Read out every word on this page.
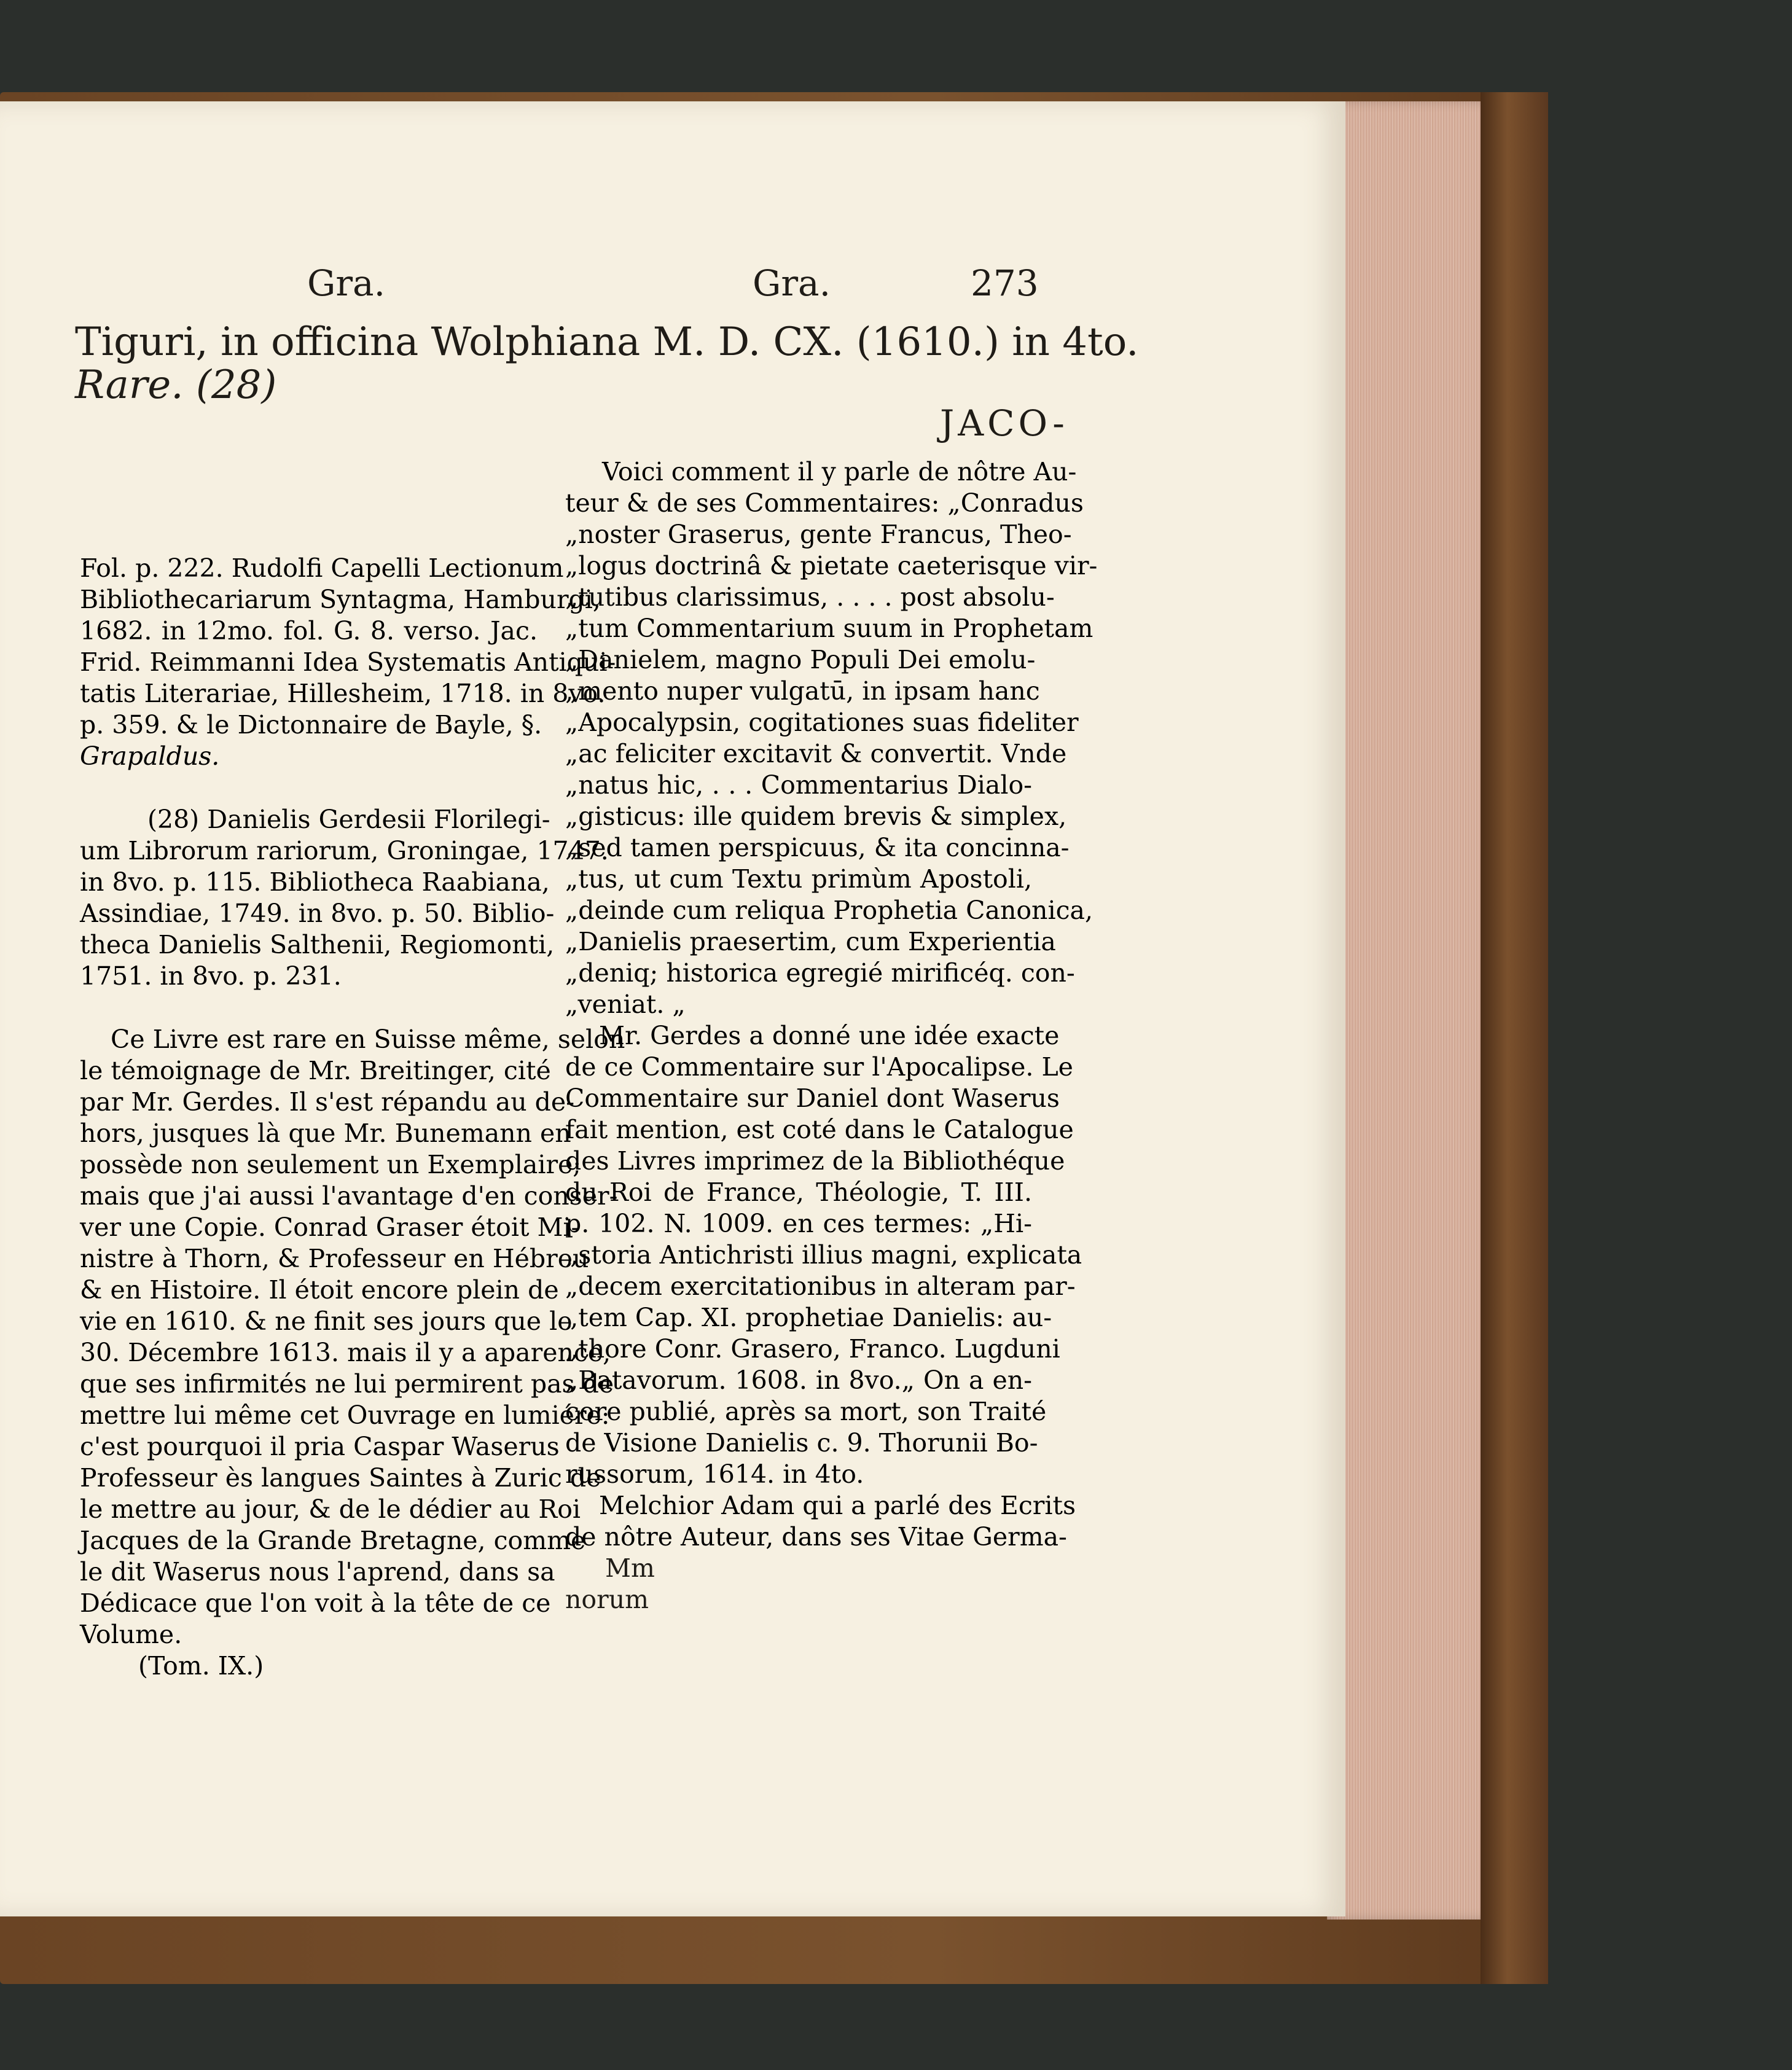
Gra.	Gra.	273
Tiguri, in officina Wolphiana M. D. CX. (1610.) in 4to.
Rare. (28)
JACO-
Fol. p. 222. Rudolfi Capelli Lectionum
Bibliothecariarum Syntagma, Hamburgi,
1682. in 12mo. fol. G. 8. verso. Jac.
Frid. Reimmanni Idea Systematis Antiqui-
tatis Literariae, Hillesheim, 1718. in 8vo.
p. 359. & le Dictonnaire de Bayle, §.
Grapaldus.
(28) Danielis Gerdesii Florilegi-
um Librorum rariorum, Groningae, 1747.
in 8vo. p. 115. Bibliotheca Raabiana,
Assindiae, 1749. in 8vo. p. 50. Biblio-
theca Danielis Salthenii, Regiomonti,
1751. in 8vo. p. 231.
Ce Livre est rare en Suisse même, selon
le témoignage de Mr. Breitinger, cité
par Mr. Gerdes. Il s'est répandu au de-
hors, jusques là que Mr. Bunemann en
possède non seulement un Exemplaire;
mais que j'ai aussi l'avantage d'en conser-
ver une Copie. Conrad Graser étoit Mi-
nistre à Thorn, & Professeur en Hébreu
& en Histoire. Il étoit encore plein de
vie en 1610. & ne finit ses jours que le
30. Décembre 1613. mais il y a aparence,
que ses infirmités ne lui permirent pas de
mettre lui même cet Ouvrage en lumiére:
c'est pourquoi il pria Caspar Waserus
Professeur ès langues Saintes à Zuric de
le mettre au jour, & de le dédier au Roi
Jacques de la Grande Bretagne, comme
le dit Waserus nous l'aprend, dans sa
Dédicace que l'on voit à la tête de ce
Volume.
(Tom. IX.)
Voici comment il y parle de nôtre Au-
teur & de ses Commentaires: „Conradus
„noster Graserus, gente Francus, Theo-
„logus doctrinâ & pietate caeterisque vir-
„tutibus clarissimus, . . . . post absolu-
„tum Commentarium suum in Prophetam
„Danielem, magno Populi Dei emolu-
„mento nuper vulgatū, in ipsam hanc
„Apocalypsin, cogitationes suas fideliter
„ac feliciter excitavit & convertit. Vnde
„natus hic, . . . Commentarius Dialo-
„gisticus: ille quidem brevis & simplex,
„sed tamen perspicuus, & ita concinna-
„tus, ut cum Textu primùm Apostoli,
„deinde cum reliqua Prophetia Canonica,
„Danielis praesertim, cum Experientia
„deniq; historica egregié mirificéq. con-
„veniat. „
Mr. Gerdes a donné une idée exacte
de ce Commentaire sur l'Apocalipse. Le
Commentaire sur Daniel dont Waserus
fait mention, est coté dans le Catalogue
des Livres imprimez de la Bibliothéque
du Roi de France, Théologie, T. III.
p. 102. N. 1009. en ces termes: „Hi-
„storia Antichristi illius magni, explicata
„decem exercitationibus in alteram par-
„tem Cap. XI. prophetiae Danielis: au-
„thore Conr. Grasero, Franco. Lugduni
„Batavorum. 1608. in 8vo.„ On a en-
core publié, après sa mort, son Traité
de Visione Danielis c. 9. Thorunii Bo-
russorum, 1614. in 4to.
Melchior Adam qui a parlé des Ecrits
de nôtre Auteur, dans ses Vitae Germa-
Mm
norum
